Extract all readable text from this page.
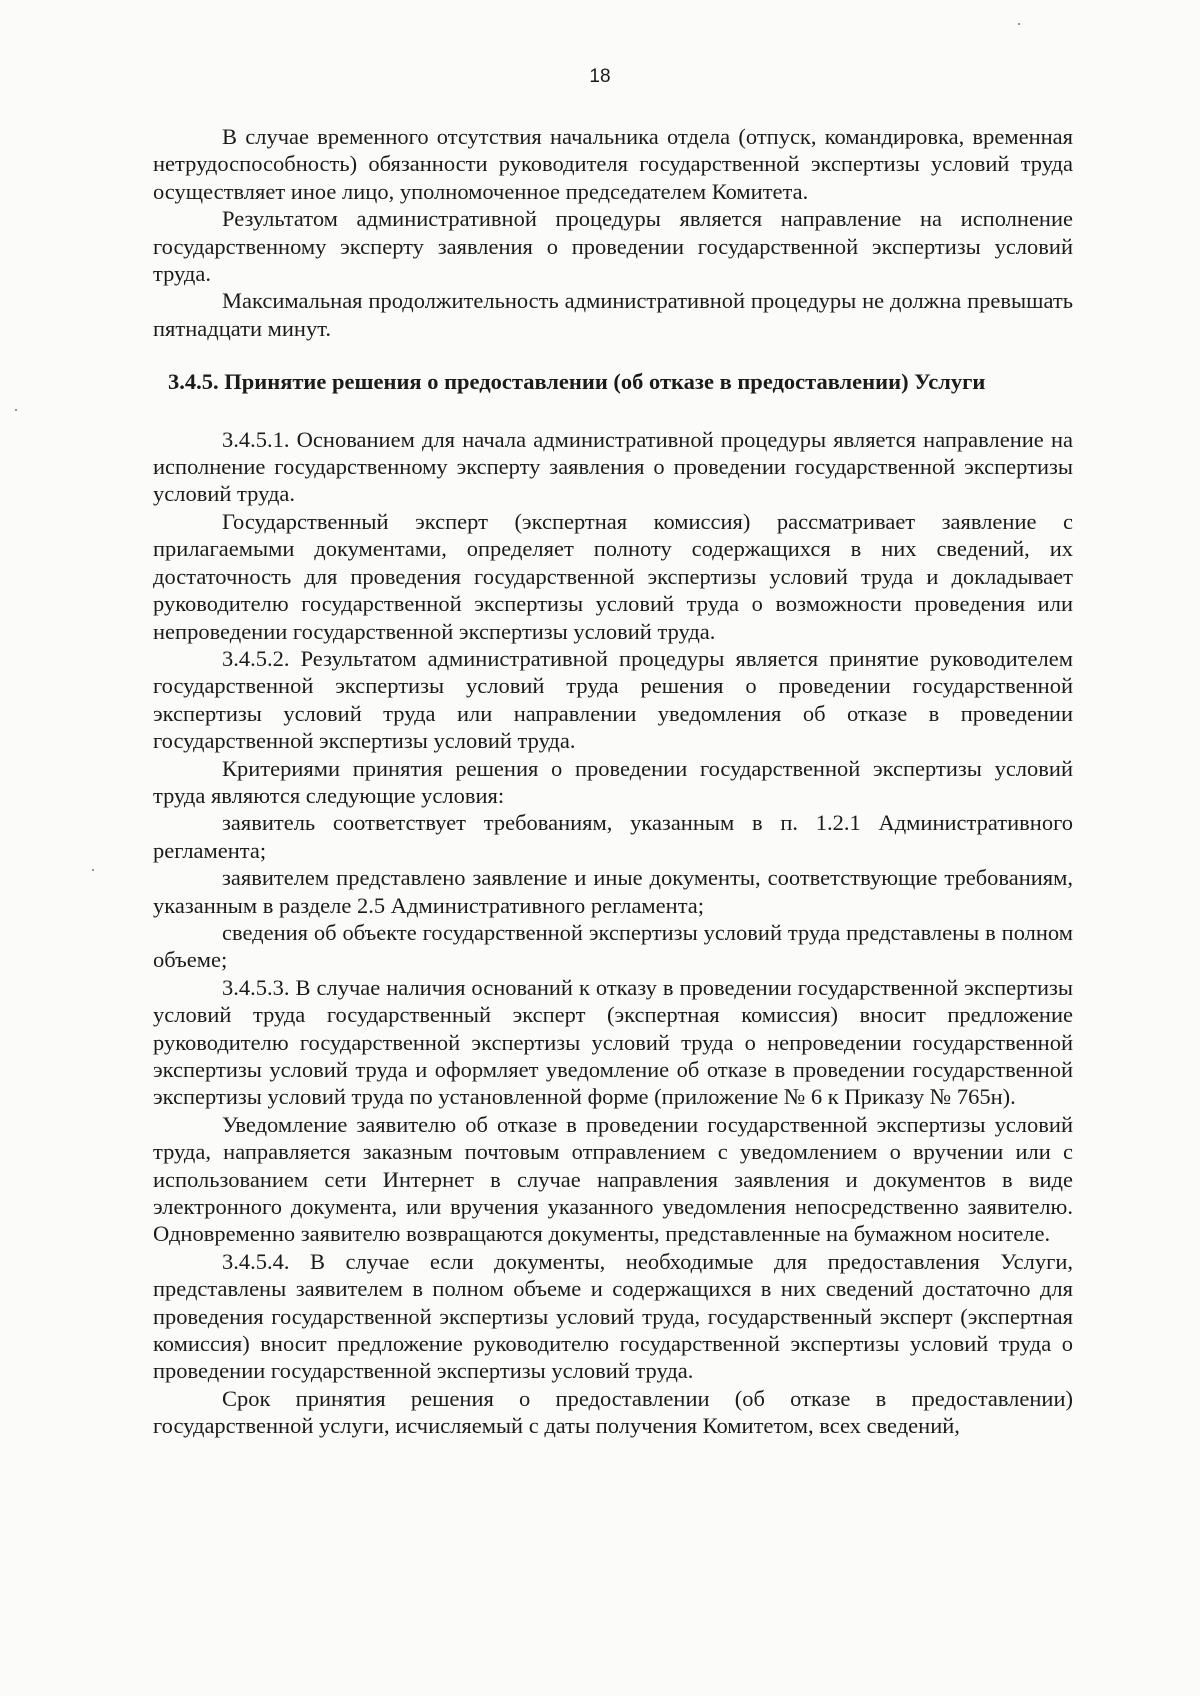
18

В случае временного отсутствия начальника отдела (отпуск, командировка, временная нетрудоспособность) обязанности руководителя государственной экспертизы условий труда осуществляет иное лицо, уполномоченное председателем Комитета.

Результатом административной процедуры является направление на исполнение государственному эксперту заявления о проведении государственной экспертизы условий труда.

Максимальная продолжительность административной процедуры не должна превышать пятнадцати минут.

3.4.5. Принятие решения о предоставлении (об отказе в предоставлении) Услуги

3.4.5.1. Основанием для начала административной процедуры является направление на исполнение государственному эксперту заявления о проведении государственной экспертизы условий труда.

Государственный эксперт (экспертная комиссия) рассматривает заявление с прилагаемыми документами, определяет полноту содержащихся в них сведений, их достаточность для проведения государственной экспертизы условий труда и докладывает руководителю государственной экспертизы условий труда о возможности проведения или непроведении государственной экспертизы условий труда.

3.4.5.2. Результатом административной процедуры является принятие руководителем государственной экспертизы условий труда решения о проведении государственной экспертизы условий труда или направлении уведомления об отказе в проведении государственной экспертизы условий труда.

Критериями принятия решения о проведении государственной экспертизы условий труда являются следующие условия:

заявитель соответствует требованиям, указанным в п. 1.2.1 Административного регламента;

заявителем представлено заявление и иные документы, соответствующие требованиям, указанным в разделе 2.5 Административного регламента;

сведения об объекте государственной экспертизы условий труда представлены в полном объеме;

3.4.5.3. В случае наличия оснований к отказу в проведении государственной экспертизы условий труда государственный эксперт (экспертная комиссия) вносит предложение руководителю государственной экспертизы условий труда о непроведении государственной экспертизы условий труда и оформляет уведомление об отказе в проведении государственной экспертизы условий труда по установленной форме (приложение № 6 к Приказу № 765н).

Уведомление заявителю об отказе в проведении государственной экспертизы условий труда, направляется заказным почтовым отправлением с уведомлением о вручении или с использованием сети Интернет в случае направления заявления и документов в виде электронного документа, или вручения указанного уведомления непосредственно заявителю. Одновременно заявителю возвращаются документы, представленные на бумажном носителе.

3.4.5.4. В случае если документы, необходимые для предоставления Услуги, представлены заявителем в полном объеме и содержащихся в них сведений достаточно для проведения государственной экспертизы условий труда, государственный эксперт (экспертная комиссия) вносит предложение руководителю государственной экспертизы условий труда о проведении государственной экспертизы условий труда.

Срок принятия решения о предоставлении (об отказе в предоставлении) государственной услуги, исчисляемый с даты получения Комитетом, всех сведений,
